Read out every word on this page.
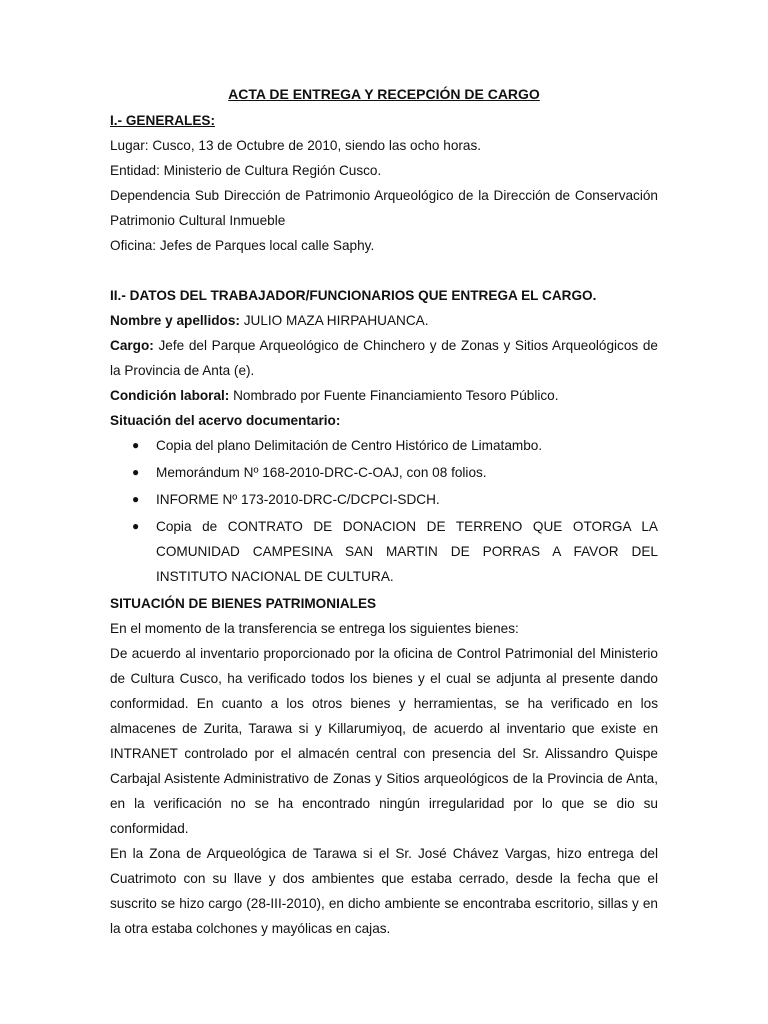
ACTA DE ENTREGA Y RECEPCIÓN DE CARGO

I.- GENERALES:

Lugar: Cusco, 13 de Octubre de 2010, siendo las ocho horas.

Entidad: Ministerio de Cultura Región Cusco.

Dependencia Sub Dirección de Patrimonio Arqueológico de la Dirección de Conservación Patrimonio Cultural Inmueble

Oficina: Jefes de Parques local calle Saphy.

II.- DATOS DEL TRABAJADOR/FUNCIONARIOS QUE ENTREGA EL CARGO.

Nombre y apellidos: JULIO MAZA HIRPAHUANCA.

Cargo: Jefe del Parque Arqueológico de Chinchero y de Zonas y Sitios Arqueológicos de la Provincia de Anta (e).

Condición laboral: Nombrado por Fuente Financiamiento Tesoro Público.

Situación del acervo documentario:

● Copia del plano Delimitación de Centro Histórico de Limatambo.
● Memorándum Nº 168-2010-DRC-C-OAJ, con 08 folios.
● INFORME Nº 173-2010-DRC-C/DCPCI-SDCH.
● Copia de CONTRATO DE DONACION DE TERRENO QUE OTORGA LA COMUNIDAD CAMPESINA SAN MARTIN DE PORRAS A FAVOR DEL INSTITUTO NACIONAL DE CULTURA.

SITUACIÓN DE BIENES PATRIMONIALES

En el momento de la transferencia se entrega los siguientes bienes:

De acuerdo al inventario proporcionado por la oficina de Control Patrimonial del Ministerio de Cultura Cusco, ha verificado todos los bienes y el cual se adjunta al presente dando conformidad. En cuanto a los otros bienes y herramientas, se ha verificado en los almacenes de Zurita, Tarawa si y Killarumiyoq, de acuerdo al inventario que existe en INTRANET controlado por el almacén central con presencia del Sr. Alissandro Quispe Carbajal Asistente Administrativo de Zonas y Sitios arqueológicos de la Provincia de Anta, en la verificación no se ha encontrado ningún irregularidad por lo que se dio su conformidad.

En la Zona de Arqueológica de Tarawa si el Sr. José Chávez Vargas, hizo entrega del Cuatrimoto con su llave y dos ambientes que estaba cerrado, desde la fecha que el suscrito se hizo cargo (28-III-2010), en dicho ambiente se encontraba escritorio, sillas y en la otra estaba colchones y mayólicas en cajas.
